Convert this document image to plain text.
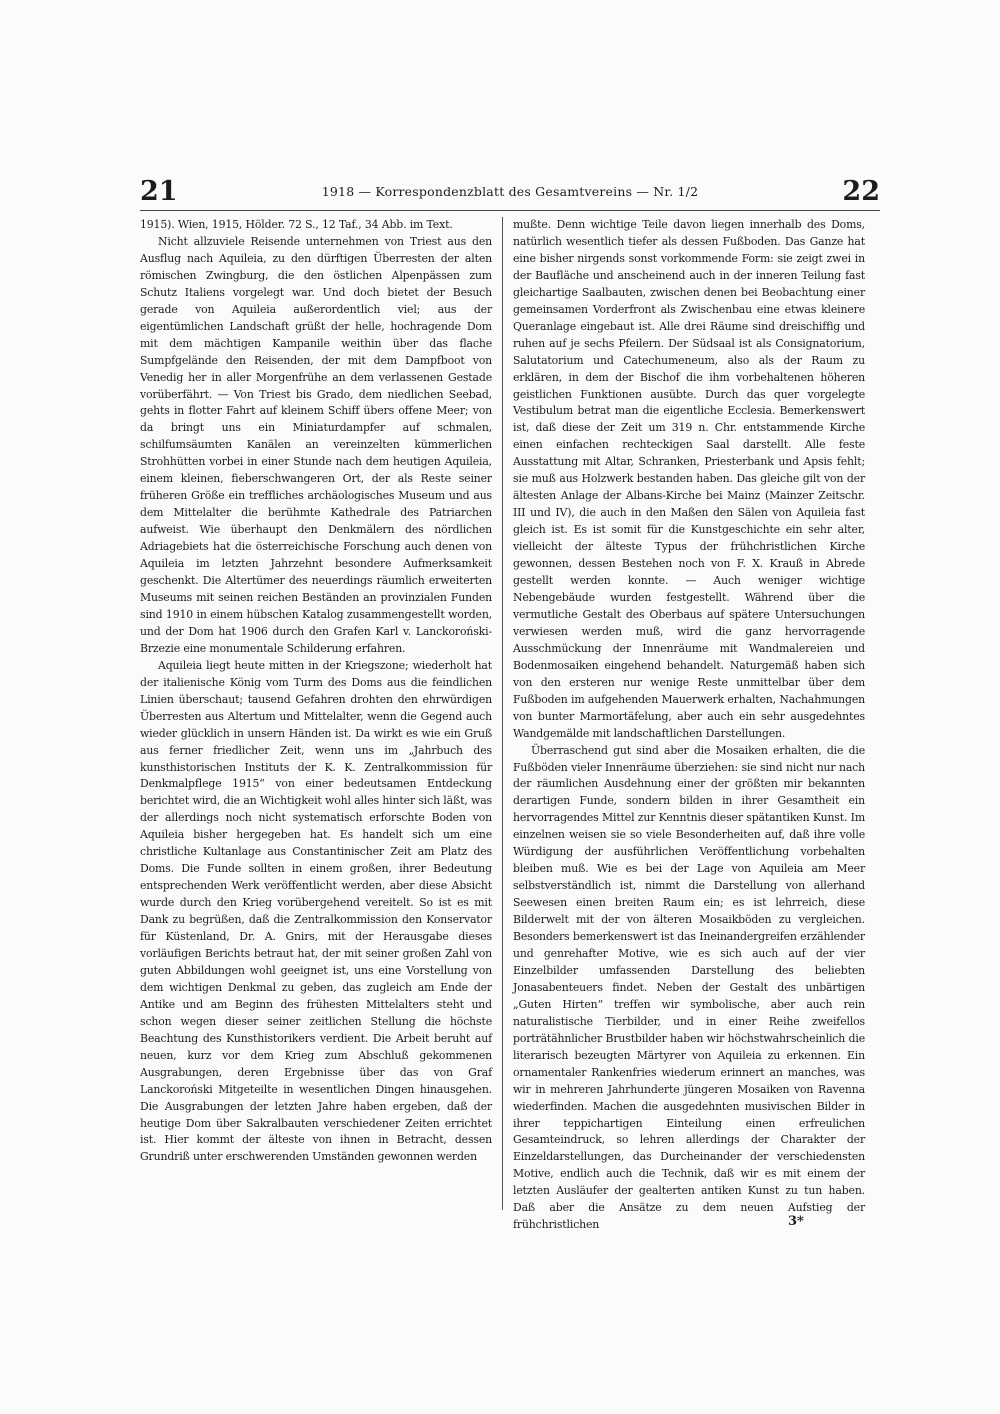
21	1918 — Korrespondenzblatt des Gesamtvereins — Nr. 1/2	22

1915). Wien, 1915, Hölder. 72 S., 12 Taf., 34 Abb. im Text.

Nicht allzuviele Reisende unternehmen von Triest aus den Ausflug nach Aquileia, zu den dürftigen Überresten der alten römischen Zwingburg, die den östlichen Alpenpässen zum Schutz Italiens vorgelegt war. Und doch bietet der Besuch gerade von Aquileia außerordentlich viel; aus der eigentümlichen Landschaft grüßt der helle, hochragende Dom mit dem mächtigen Kampanile weithin über das flache Sumpfgelände den Reisenden, der mit dem Dampfboot von Venedig her in aller Morgenfrühe an dem verlassenen Gestade vorüberfährt. — Von Triest bis Grado, dem niedlichen Seebad, gehts in flotter Fahrt auf kleinem Schiff übers offene Meer; von da bringt uns ein Miniaturdampfer auf schmalen, schilfumsäumten Kanälen an vereinzelten kümmerlichen Strohhütten vorbei in einer Stunde nach dem heutigen Aquileia, einem kleinen, fieberschwangeren Ort, der als Reste seiner früheren Größe ein treffliches archäologisches Museum und aus dem Mittelalter die berühmte Kathedrale des Patriarchen aufweist. Wie überhaupt den Denkmälern des nördlichen Adriagebiets hat die österreichische Forschung auch denen von Aquileia im letzten Jahrzehnt besondere Aufmerksamkeit geschenkt. Die Altertümer des neuerdings räumlich erweiterten Museums mit seinen reichen Beständen an provinzialen Funden sind 1910 in einem hübschen Katalog zusammengestellt worden, und der Dom hat 1906 durch den Grafen Karl v. Lanckoroński-Brzezie eine monumentale Schilderung erfahren.

Aquileia liegt heute mitten in der Kriegszone; wiederholt hat der italienische König vom Turm des Doms aus die feindlichen Linien überschaut; tausend Gefahren drohten den ehrwürdigen Überresten aus Altertum und Mittelalter, wenn die Gegend auch wieder glücklich in unsern Händen ist. Da wirkt es wie ein Gruß aus ferner friedlicher Zeit, wenn uns im „Jahrbuch des kunsthistorischen Instituts der K. K. Zentralkommission für Denkmalpflege 1915“ von einer bedeutsamen Entdeckung berichtet wird, die an Wichtigkeit wohl alles hinter sich läßt, was der allerdings noch nicht systematisch erforschte Boden von Aquileia bisher hergegeben hat. Es handelt sich um eine christliche Kultanlage aus Constantinischer Zeit am Platz des Doms. Die Funde sollten in einem großen, ihrer Bedeutung entsprechenden Werk veröffentlicht werden, aber diese Absicht wurde durch den Krieg vorübergehend vereitelt. So ist es mit Dank zu begrüßen, daß die Zentralkommission den Konservator für Küstenland, Dr. A. Gnirs, mit der Herausgabe dieses vorläufigen Berichts betraut hat, der mit seiner großen Zahl von guten Abbildungen wohl geeignet ist, uns eine Vorstellung von dem wichtigen Denkmal zu geben, das zugleich am Ende der Antike und am Beginn des frühesten Mittelalters steht und schon wegen dieser seiner zeitlichen Stellung die höchste Beachtung des Kunsthistorikers verdient. Die Arbeit beruht auf neuen, kurz vor dem Krieg zum Abschluß gekommenen Ausgrabungen, deren Ergebnisse über das von Graf Lanckoroński Mitgeteilte in wesentlichen Dingen hinausgehen. Die Ausgrabungen der letzten Jahre haben ergeben, daß der heutige Dom über Sakralbauten verschiedener Zeiten errichtet ist. Hier kommt der älteste von ihnen in Betracht, dessen Grundriß unter erschwerenden Umständen gewonnen werden

mußte. Denn wichtige Teile davon liegen innerhalb des Doms, natürlich wesentlich tiefer als dessen Fußboden. Das Ganze hat eine bisher nirgends sonst vorkommende Form: sie zeigt zwei in der Baufläche und anscheinend auch in der inneren Teilung fast gleichartige Saalbauten, zwischen denen bei Beobachtung einer gemeinsamen Vorderfront als Zwischenbau eine etwas kleinere Queranlage eingebaut ist. Alle drei Räume sind dreischiffig und ruhen auf je sechs Pfeilern. Der Südsaal ist als Consignatorium, Salutatorium und Catechumeneum, also als der Raum zu erklären, in dem der Bischof die ihm vorbehaltenen höheren geistlichen Funktionen ausübte. Durch das quer vorgelegte Vestibulum betrat man die eigentliche Ecclesia. Bemerkenswert ist, daß diese der Zeit um 319 n. Chr. entstammende Kirche einen einfachen rechteckigen Saal darstellt. Alle feste Ausstattung mit Altar, Schranken, Priesterbank und Apsis fehlt; sie muß aus Holzwerk bestanden haben. Das gleiche gilt von der ältesten Anlage der Albans-Kirche bei Mainz (Mainzer Zeitschr. III und IV), die auch in den Maßen den Sälen von Aquileia fast gleich ist. Es ist somit für die Kunstgeschichte ein sehr alter, vielleicht der älteste Typus der frühchristlichen Kirche gewonnen, dessen Bestehen noch von F. X. Krauß in Abrede gestellt werden konnte. — Auch weniger wichtige Nebengebäude wurden festgestellt. Während über die vermutliche Gestalt des Oberbaus auf spätere Untersuchungen verwiesen werden muß, wird die ganz hervorragende Ausschmückung der Innenräume mit Wandmalereien und Bodenmosaiken eingehend behandelt. Naturgemäß haben sich von den ersteren nur wenige Reste unmittelbar über dem Fußboden im aufgehenden Mauerwerk erhalten, Nachahmungen von bunter Marmortäfelung, aber auch ein sehr ausgedehntes Wandgemälde mit landschaftlichen Darstellungen.

Überraschend gut sind aber die Mosaiken erhalten, die die Fußböden vieler Innenräume überziehen: sie sind nicht nur nach der räumlichen Ausdehnung einer der größten mir bekannten derartigen Funde, sondern bilden in ihrer Gesamtheit ein hervorragendes Mittel zur Kenntnis dieser spätantiken Kunst. Im einzelnen weisen sie so viele Besonderheiten auf, daß ihre volle Würdigung der ausführlichen Veröffentlichung vorbehalten bleiben muß. Wie es bei der Lage von Aquileia am Meer selbstverständlich ist, nimmt die Darstellung von allerhand Seewesen einen breiten Raum ein; es ist lehrreich, diese Bilderwelt mit der von älteren Mosaikböden zu vergleichen. Besonders bemerkenswert ist das Ineinandergreifen erzählender und genrehafter Motive, wie es sich auch auf der vier Einzelbilder umfassenden Darstellung des beliebten Jonasabenteuers findet. Neben der Gestalt des unbärtigen „Guten Hirten“ treffen wir symbolische, aber auch rein naturalistische Tierbilder, und in einer Reihe zweifellos porträtähnlicher Brustbilder haben wir höchstwahrscheinlich die literarisch bezeugten Märtyrer von Aquileia zu erkennen. Ein ornamentaler Rankenfries wiederum erinnert an manches, was wir in mehreren Jahrhunderte jüngeren Mosaiken von Ravenna wiederfinden. Machen die ausgedehnten musivischen Bilder in ihrer teppichartigen Einteilung einen erfreulichen Gesamteindruck, so lehren allerdings der Charakter der Einzeldarstellungen, das Durcheinander der verschiedensten Motive, endlich auch die Technik, daß wir es mit einem der letzten Ausläufer der gealterten antiken Kunst zu tun haben. Daß aber die Ansätze zu dem neuen Aufstieg der frühchristlichen	3*
